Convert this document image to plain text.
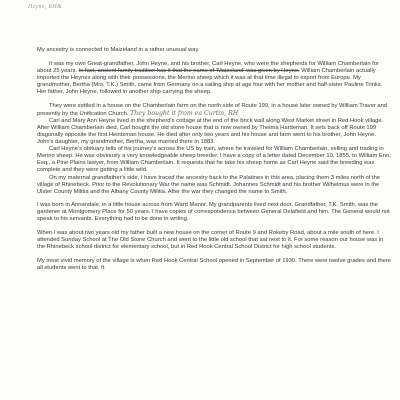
Heyne, RH&

My ancestry is connected to Maizeland in a rather unusual way.

It was my own Great-grandfather, John Heyne, and his brother, Carl Heyne, who were the shepherds for William Chamberlain for about 25 years. In fact, ancient family tradition has it that the name of 'Maizeland' was given by Heyne. William Chamberlain actually imported the Heynes along with their possessions, the Merino sheep which it was at that time illegal to export from Europe. My grandmother, Bertha (Mrs. T.K.) Smith, came from Germany on a sailing ship at age four with her mother and half-sister Pauline Trinks. Her father, John Heyne, followed in another ship carrying the sheep.

They were settled in a house on the Chamberlain farm on the north side of Route 199, in a house later owned by William Traver and presently by the Unification Church. They bought it from ea Curtin, RH

Carl and Mary Ann Heyne lived in the shepherd's cottage at the end of the brick wall along West Market street in Red Hook village. After William Chamberlain died, Carl bought the old stone house that is now owned by Thelma Hardeman. It sets back off Route 199 diagonally opposite the first Heintzman house. He died after only two years and his house and farm went to his brother, John Heyne. John's daughter, my grandmother, Bertha, was married there in 1883.

Carl Heyne's obituary tells of his journey's across the US by train, where he traveled for William Chamberlain, selling and trading in Merino sheep. He was obviously a very knowledgeable sheep breeder. I have a copy of a letter dated December 10, 1855, to William Eno, Esq., a Pine Plains lawyer, from William Chamberlain. It requests that he take his sheep home as Carl Heyne said the breeding was complete and they were getting a little wild.

On my maternal grandfather's side, I have traced the ancestry back to the Palatines in this area, placing them 3 miles north of the village of Rhinebeck. Prior to the Revolutionary War the name was Schmidt. Johannes Schmidt and his brother Wilhelmus were in the Ulster County Militia and the Albany County Militia. After the war they changed the name to Smith.

I was born in Annandale, in a little house across from Ward Manor. My grandparents lived next door. Grandfather, T.K. Smith, was the gardener at Montgomery Place for 50 years. I have copies of correspondence between General Delafield and him. The General would not speak to his servants. Everything had to be done in writing.

When I was about two years old my father built a new house on the corner of Route 9 and Rokeby Road, about a mile south of here. I attended Sunday School at The Old Stone Church and went to the little old school that sat next to it. For some reason our house was in the Rhinebeck school district for elementary school, but in Red Hook Central School District for high school students.

My most vivid memory of the village is when Red Hook Central School opened in September of 1930. There were twelve grades and there all students went to that. It
